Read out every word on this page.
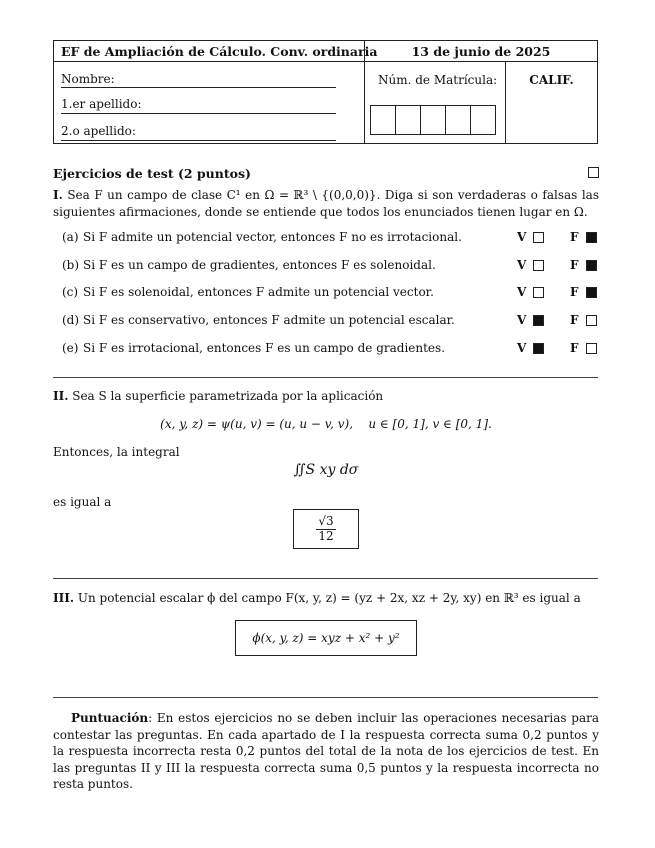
EF de Ampliación de Cálculo. Conv. ordinaria	13 de junio de 2025
Nombre:
1.er apellido:
2.o apellido:
Núm. de Matrícula:	CALIF.
Ejercicios de test (2 puntos)
I. Sea F un campo de clase C¹ en Ω = ℝ³ \ {(0,0,0)}. Diga si son verdaderas o falsas las siguientes afirmaciones, donde se entiende que todos los enunciados tienen lugar en Ω.
(a) Si F admite un potencial vector, entonces F no es irrotacional.	V	F
(b) Si F es un campo de gradientes, entonces F es solenoidal.	V	F
(c) Si F es solenoidal, entonces F admite un potencial vector.	V	F
(d) Si F es conservativo, entonces F admite un potencial escalar.	V	F
(e) Si F es irrotacional, entonces F es un campo de gradientes.	V	F
II. Sea S la superficie parametrizada por la aplicación
(x, y, z) = ψ(u, v) = (u, u − v, v),    u ∈ [0, 1], v ∈ [0, 1].
Entonces, la integral
∬S xy dσ
es igual a
$\frac{√3}{12}$
III. Un potencial escalar ϕ del campo F(x, y, z) = (yz + 2x, xz + 2y, xy) en ℝ³ es igual a
ϕ(x, y, z) = xyz + x² + y²
Puntuación: En estos ejercicios no se deben incluir las operaciones necesarias para contestar las preguntas. En cada apartado de I la respuesta correcta suma 0,2 puntos y la respuesta incorrecta resta 0,2 puntos del total de la nota de los ejercicios de test. En las preguntas II y III la respuesta correcta suma 0,5 puntos y la respuesta incorrecta no resta puntos.
